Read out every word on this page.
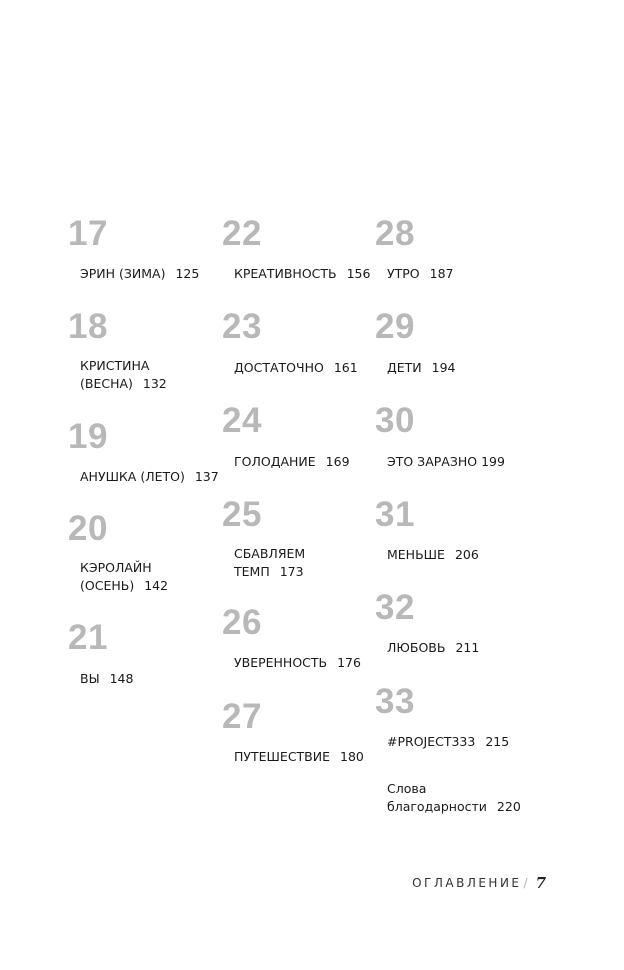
17
ЭРИН (ЗИМА) 125
18
КРИСТИНА
(ВЕСНА) 132
19
АНУШКА (ЛЕТО) 137
20
КЭРОЛАЙН
(ОСЕНЬ) 142
21
ВЫ 148
22
КРЕАТИВНОСТЬ 156
23
ДОСТАТОЧНО 161
24
ГОЛОДАНИЕ 169
25
СБАВЛЯЕМ
ТЕМП 173
26
УВЕРЕННОСТЬ 176
27
ПУТЕШЕСТВИЕ 180
28
УТРО 187
29
ДЕТИ 194
30
ЭТО ЗАРАЗНО 199
31
МЕНЬШЕ 206
32
ЛЮБОВЬ 211
33
#PROJECT333 215
Слова
благодарности 220
ОГЛАВЛЕНИЕ / 7
